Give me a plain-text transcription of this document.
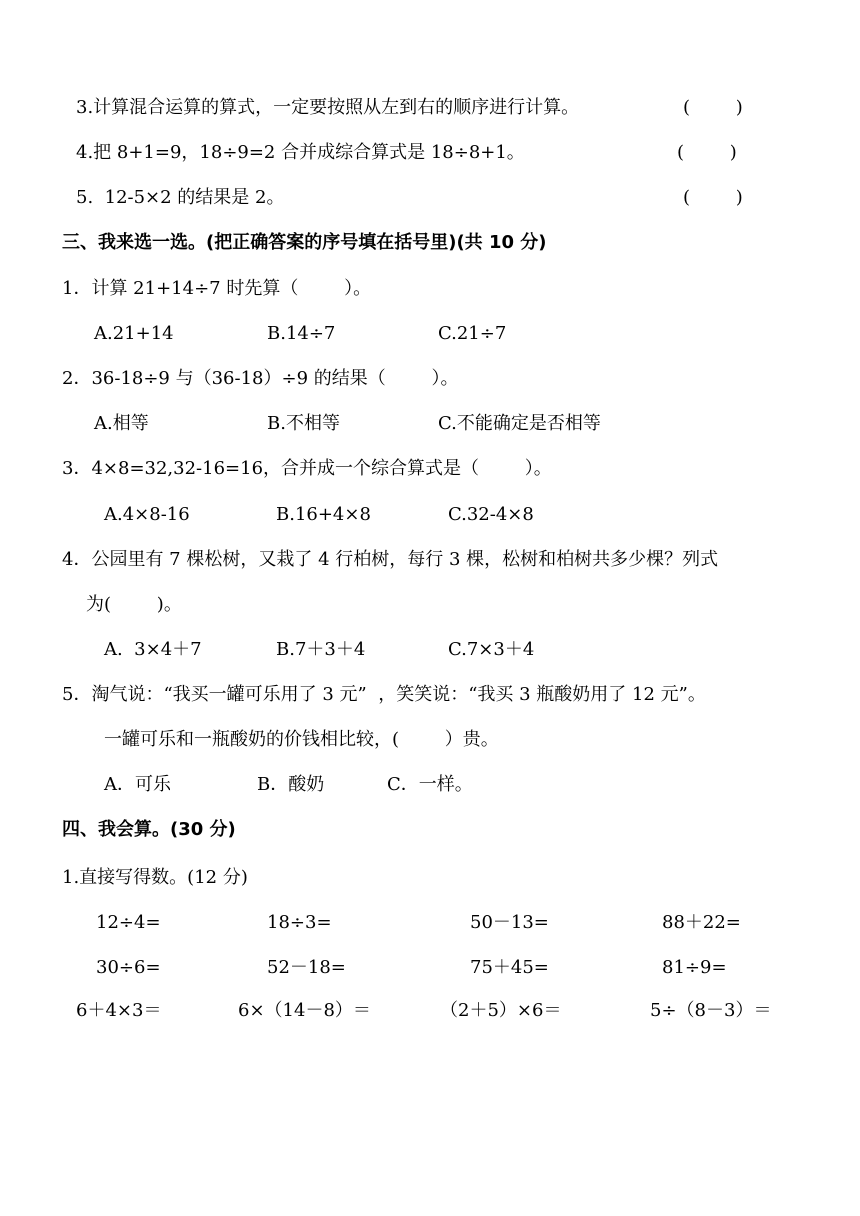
3.计算混合运算的算式，一定要按照从左到右的顺序进行计算。	(        )
4.把 8+1=9，18÷9=2 合并成综合算式是 18÷8+1。	(        )
5.  12-5×2 的结果是 2。	(        )
三、我来选一选。(把正确答案的序号填在括号里)(共 10 分)
1．计算 21+14÷7 时先算（        ）。
A.21+14	B.14÷7	C.21÷7
2．36-18÷9 与（36-18）÷9 的结果（        ）。
A.相等	B.不相等	C.不能确定是否相等
3．4×8=32,32-16=16，合并成一个综合算式是（        ）。
A.4×8-16	B.16+4×8	C.32-4×8
4．公园里有 7 棵松树，又栽了 4 行柏树，每行 3 棵，松树和柏树共多少棵？列式
为(        )。
A.  3×4＋7	B.7＋3＋4	C.7×3＋4
5．淘气说：“我买一罐可乐用了 3 元”  ，笑笑说：“我买 3 瓶酸奶用了 12 元”。
一罐可乐和一瓶酸奶的价钱相比较，(        ）贵。
A．可乐	B．酸奶	C．一样。
四、我会算。(30 分)
1.直接写得数。(12 分)
12÷4=	18÷3=	50－13=	88＋22=
30÷6=	52－18=	75＋45=	81÷9=
6＋4×3＝	6×（14－8）＝	（2＋5）×6＝	5÷（8－3）＝
